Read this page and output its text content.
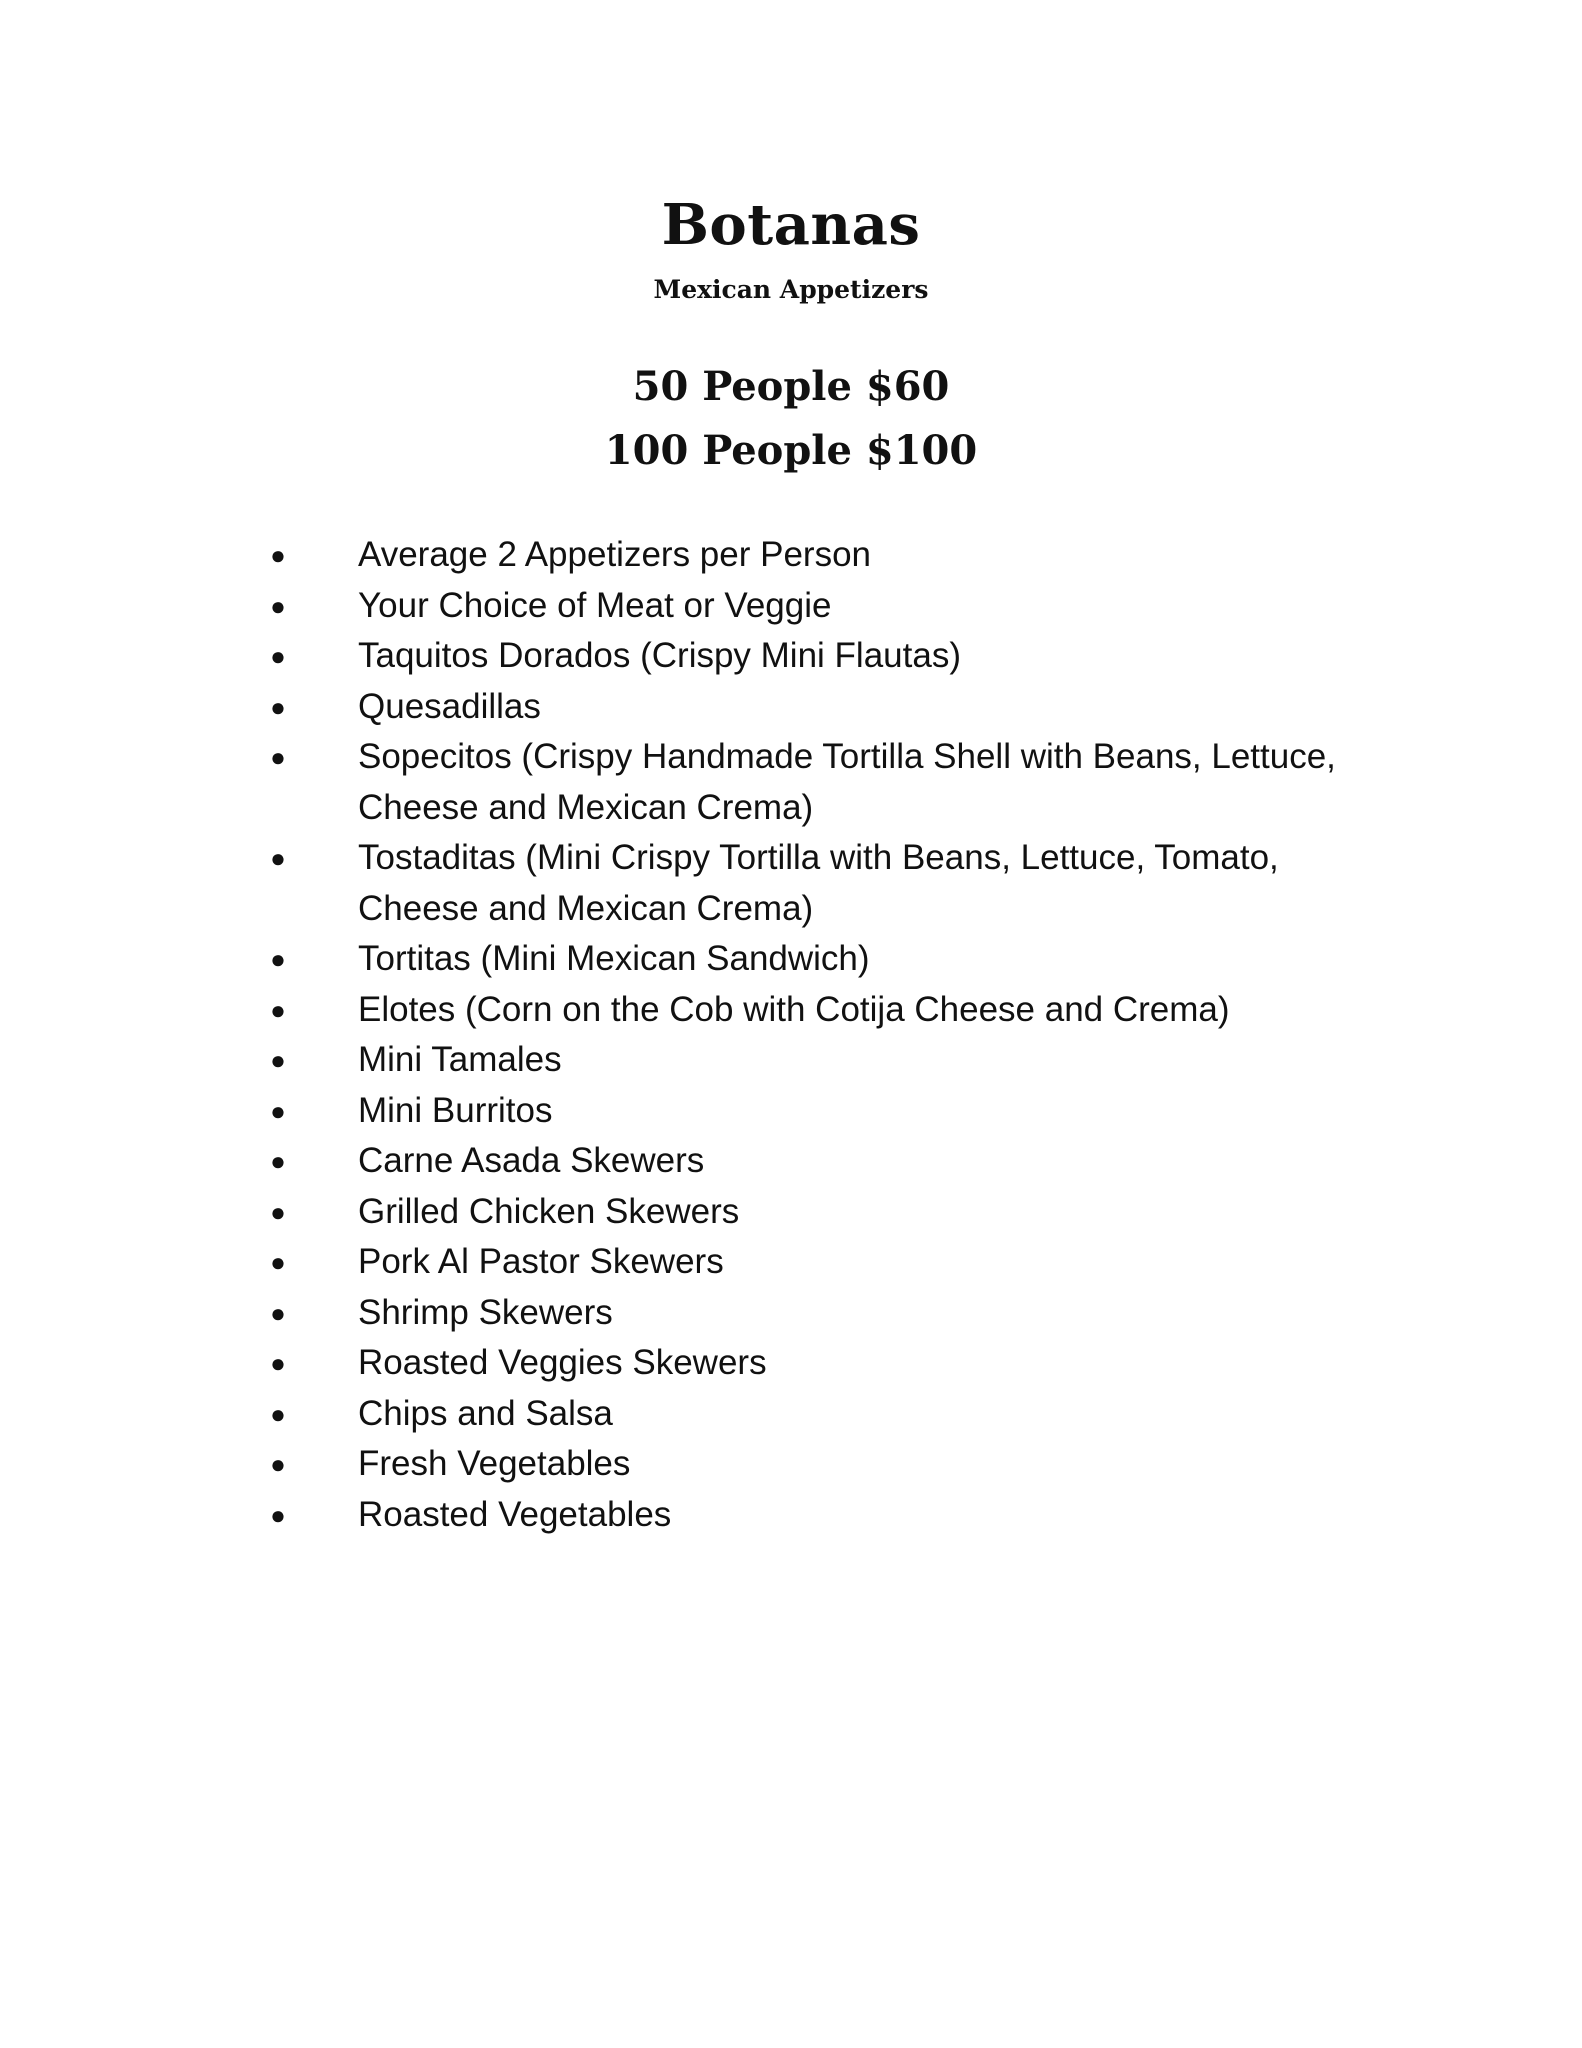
Botanas
Mexican Appetizers
50 People $60
100 People $100
● Average 2 Appetizers per Person
● Your Choice of Meat or Veggie
● Taquitos Dorados (Crispy Mini Flautas)
● Quesadillas
● Sopecitos (Crispy Handmade Tortilla Shell with Beans, Lettuce, Cheese and Mexican Crema)
● Tostaditas (Mini Crispy Tortilla with Beans, Lettuce, Tomato, Cheese and Mexican Crema)
● Tortitas (Mini Mexican Sandwich)
● Elotes (Corn on the Cob with Cotija Cheese and Crema)
● Mini Tamales
● Mini Burritos
● Carne Asada Skewers
● Grilled Chicken Skewers
● Pork Al Pastor Skewers
● Shrimp Skewers
● Roasted Veggies Skewers
● Chips and Salsa
● Fresh Vegetables
● Roasted Vegetables
